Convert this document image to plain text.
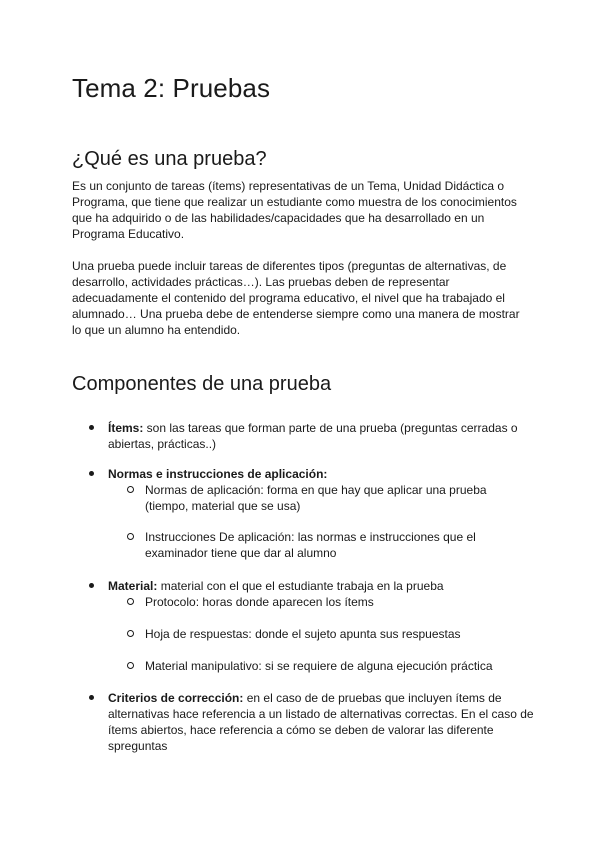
Tema 2: Pruebas
¿Qué es una prueba?

Es un conjunto de tareas (ítems) representativas de un Tema, Unidad Didáctica o Programa, que tiene que realizar un estudiante como muestra de los conocimientos que ha adquirido o de las habilidades/capacidades que ha desarrollado en un Programa Educativo.

Una prueba puede incluir tareas de diferentes tipos (preguntas de alternativas, de desarrollo, actividades prácticas…). Las pruebas deben de representar adecuadamente el contenido del programa educativo, el nivel que ha trabajado el alumnado… Una prueba debe de entenderse siempre como una manera de mostrar lo que un alumno ha entendido.

Componentes de una prueba
Ítems: son las tareas que forman parte de una prueba (preguntas cerradas o abiertas, prácticas..)
Normas e instrucciones de aplicación:
Normas de aplicación: forma en que hay que aplicar una prueba (tiempo, material que se usa)
Instrucciones De aplicación: las normas e instrucciones que el examinador tiene que dar al alumno
Material: material con el que el estudiante trabaja en la prueba
Protocolo: horas donde aparecen los ítems
Hoja de respuestas: donde el sujeto apunta sus respuestas
Material manipulativo: si se requiere de alguna ejecución práctica
Criterios de corrección: en el caso de de pruebas que incluyen ítems de alternativas hace referencia a un listado de alternativas correctas. En el caso de ítems abiertos, hace referencia a cómo se deben de valorar las diferente spreguntas
